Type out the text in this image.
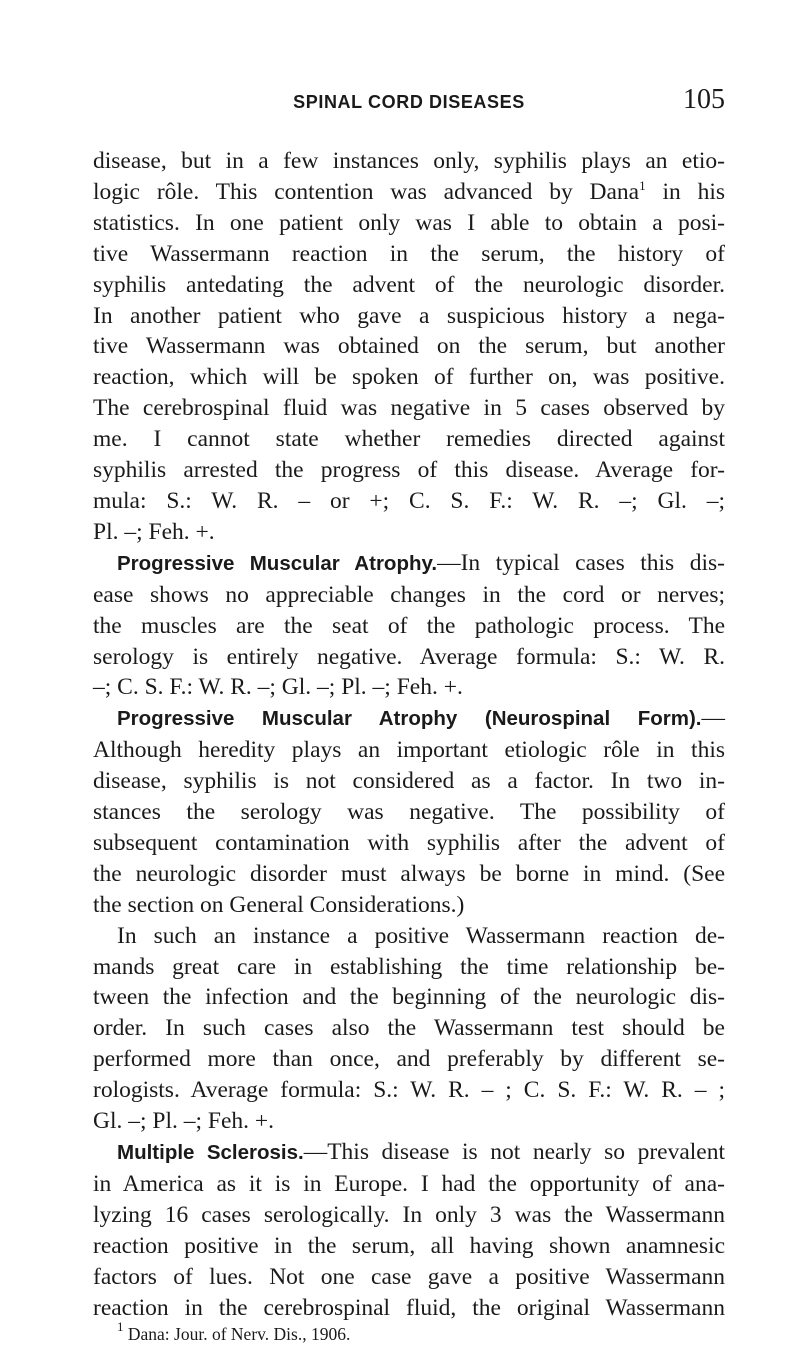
SPINAL CORD DISEASES	105

disease, but in a few instances only, syphilis plays an etio-
logic rôle. This contention was advanced by Dana$^1$ in his
statistics. In one patient only was I able to obtain a posi-
tive Wassermann reaction in the serum, the history of
syphilis antedating the advent of the neurologic disorder.
In another patient who gave a suspicious history a nega-
tive Wassermann was obtained on the serum, but another
reaction, which will be spoken of further on, was positive.
The cerebrospinal fluid was negative in 5 cases observed by
me. I cannot state whether remedies directed against
syphilis arrested the progress of this disease. Average for-
mula: S.: W. R. – or +; C. S. F.: W. R. –; Gl. –;
Pl. –; Feh. +.

Progressive Muscular Atrophy.—In typical cases this dis-
ease shows no appreciable changes in the cord or nerves;
the muscles are the seat of the pathologic process. The
serology is entirely negative. Average formula: S.: W. R.
–; C. S. F.: W. R. –; Gl. –; Pl. –; Feh. +.

Progressive Muscular Atrophy (Neurospinal Form).—
Although heredity plays an important etiologic rôle in this
disease, syphilis is not considered as a factor. In two in-
stances the serology was negative. The possibility of
subsequent contamination with syphilis after the advent of
the neurologic disorder must always be borne in mind. (See
the section on General Considerations.)

In such an instance a positive Wassermann reaction de-
mands great care in establishing the time relationship be-
tween the infection and the beginning of the neurologic dis-
order. In such cases also the Wassermann test should be
performed more than once, and preferably by different se-
rologists. Average formula: S.: W. R. – ; C. S. F.: W. R. – ;
Gl. –; Pl. –; Feh. +.

Multiple Sclerosis.—This disease is not nearly so prevalent
in America as it is in Europe. I had the opportunity of ana-
lyzing 16 cases serologically. In only 3 was the Wassermann
reaction positive in the serum, all having shown anamnesic
factors of lues. Not one case gave a positive Wassermann
reaction in the cerebrospinal fluid, the original Wassermann

$^1$ Dana: Jour. of Nerv. Dis., 1906.
